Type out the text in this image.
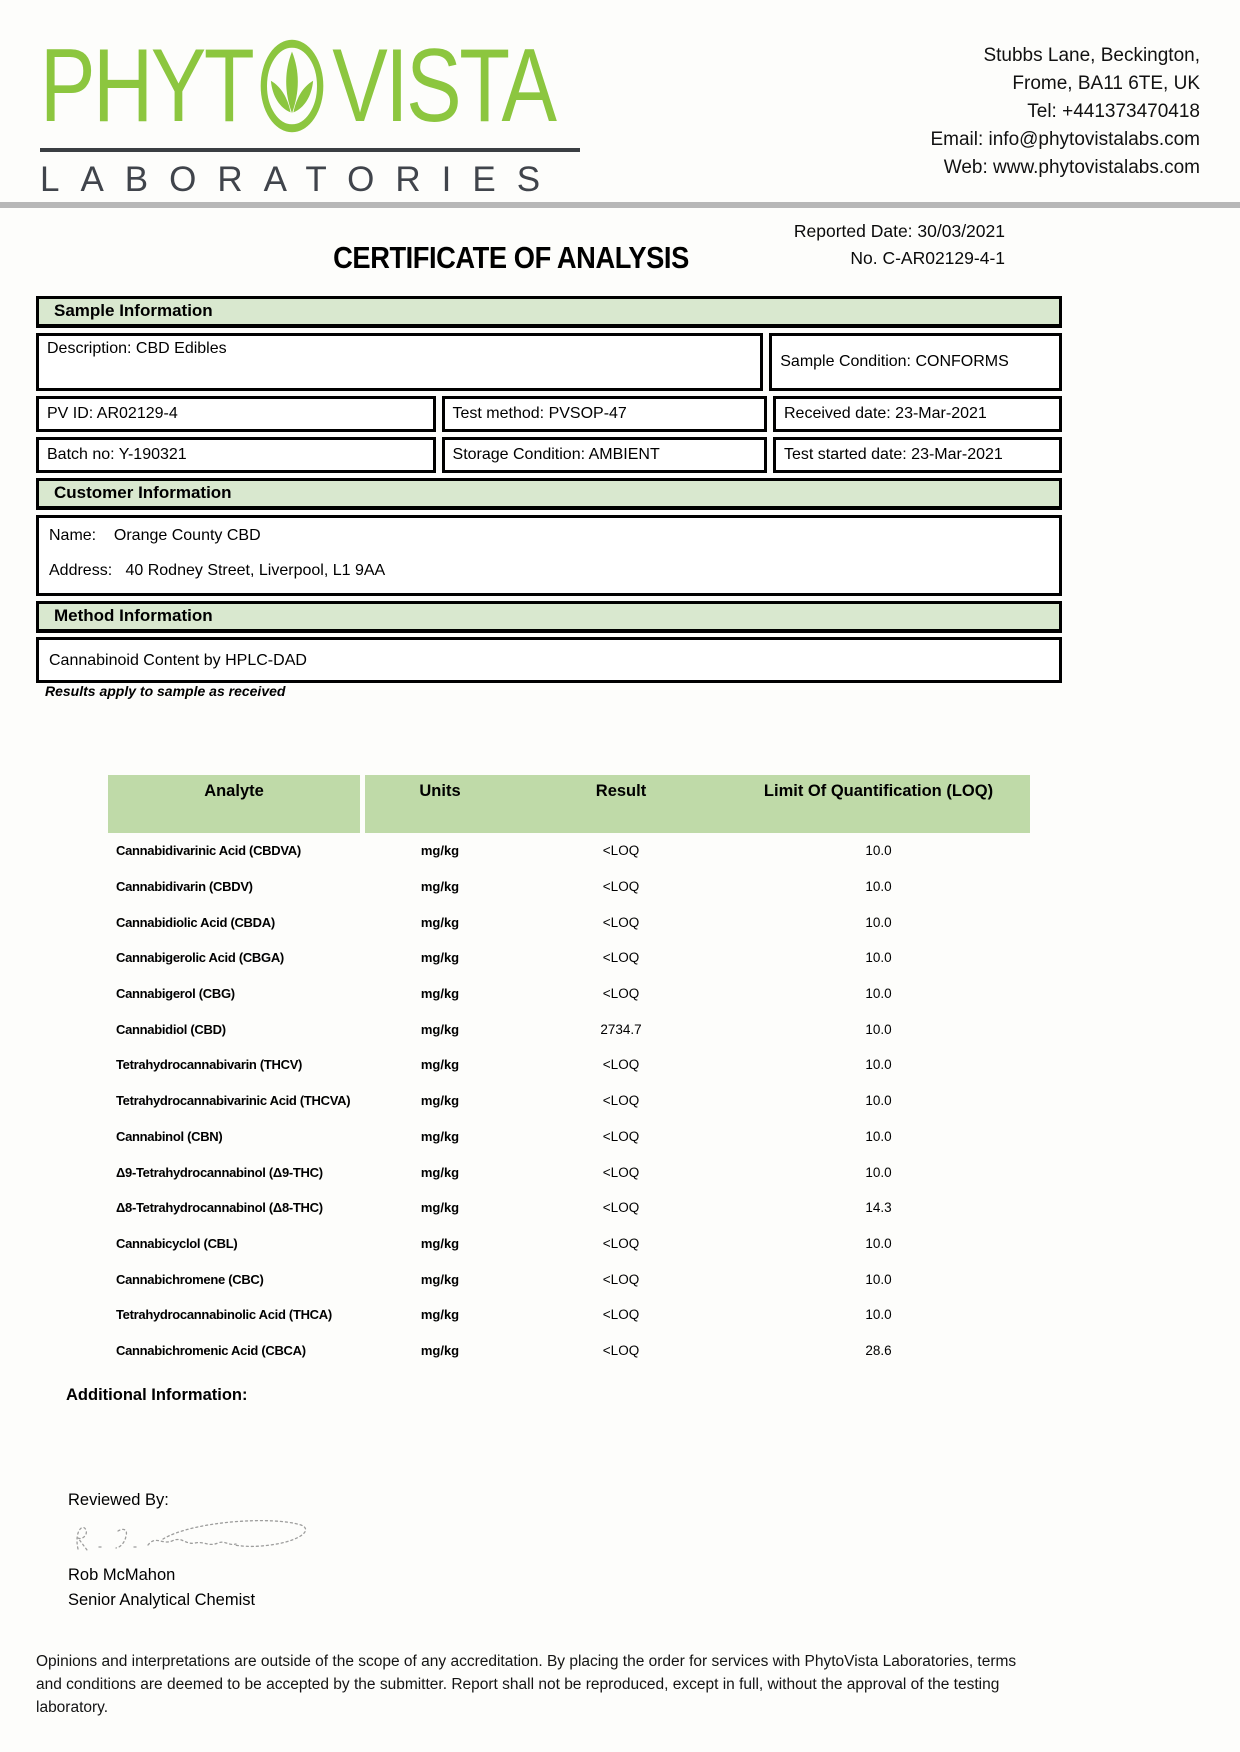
PHYT VISTA
LABORATORIES
Stubbs Lane, Beckington,
Frome, BA11 6TE, UK
Tel: +441373470418
Email: info@phytovistalabs.com
Web: www.phytovistalabs.com
Reported Date: 30/03/2021
No. C-AR02129-4-1
CERTIFICATE OF ANALYSIS
Sample Information
Description: CBD Edibles
Sample Condition: CONFORMS
PV ID: AR02129-4	Test method: PVSOP-47	Received date: 23-Mar-2021
Batch no: Y-190321	Storage Condition: AMBIENT	Test started date: 23-Mar-2021
Customer Information
Name:    Orange County CBD
Address:   40 Rodney Street, Liverpool, L1 9AA
Method Information
Cannabinoid Content by HPLC-DAD
Results apply to sample as received
Analyte	Units	Result	Limit Of Quantification (LOQ)
Cannabidivarinic Acid (CBDVA)	mg/kg	<LOQ	10.0
Cannabidivarin (CBDV)	mg/kg	<LOQ	10.0
Cannabidiolic Acid (CBDA)	mg/kg	<LOQ	10.0
Cannabigerolic Acid (CBGA)	mg/kg	<LOQ	10.0
Cannabigerol (CBG)	mg/kg	<LOQ	10.0
Cannabidiol (CBD)	mg/kg	2734.7	10.0
Tetrahydrocannabivarin (THCV)	mg/kg	<LOQ	10.0
Tetrahydrocannabivarinic Acid (THCVA)	mg/kg	<LOQ	10.0
Cannabinol (CBN)	mg/kg	<LOQ	10.0
Δ9-Tetrahydrocannabinol (Δ9-THC)	mg/kg	<LOQ	10.0
Δ8-Tetrahydrocannabinol (Δ8-THC)	mg/kg	<LOQ	14.3
Cannabicyclol (CBL)	mg/kg	<LOQ	10.0
Cannabichromene (CBC)	mg/kg	<LOQ	10.0
Tetrahydrocannabinolic Acid (THCA)	mg/kg	<LOQ	10.0
Cannabichromenic Acid (CBCA)	mg/kg	<LOQ	28.6
Additional Information:
Reviewed By:
Rob McMahon
Senior Analytical Chemist
Opinions and interpretations are outside of the scope of any accreditation. By placing the order for services with PhytoVista Laboratories, terms and conditions are deemed to be accepted by the submitter. Report shall not be reproduced, except in full, without the approval of the testing laboratory.
